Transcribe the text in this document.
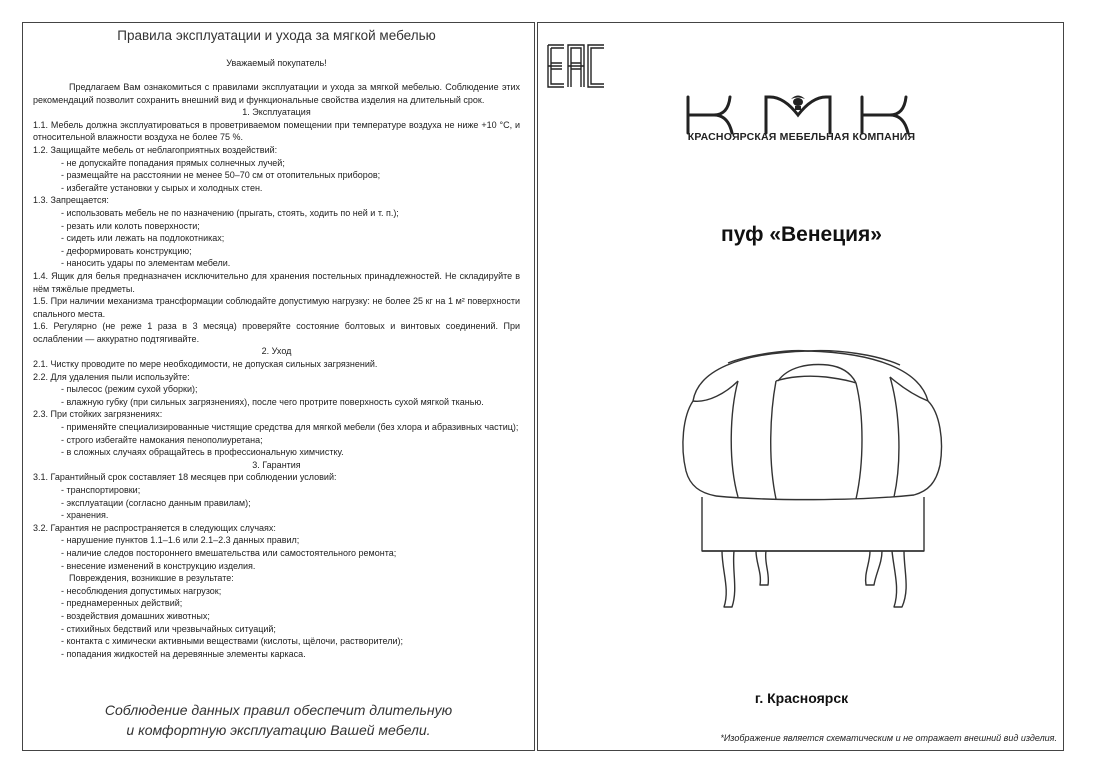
Правила эксплуатации и ухода за мягкой мебелью
Уважаемый покупатель!

Предлагаем Вам ознакомиться с правилами эксплуатации и ухода за мягкой мебелью. Соблюдение этих рекомендаций позволит сохранить внешний вид и функциональные свойства изделия на длительный срок.

1. Эксплуатация

1.1. Мебель должна эксплуатироваться в проветриваемом помещении при температуре воздуха не ниже +10 °C, и относительной влажности воздуха не более 75 %.

1.2. Защищайте мебель от неблагоприятных воздействий:

- не допускайте попадания прямых солнечных лучей;

- размещайте на расстоянии не менее 50–70 см от отопительных приборов;

- избегайте установки у сырых и холодных стен.

1.3. Запрещается:

- использовать мебель не по назначению (прыгать, стоять, ходить по ней и т. п.);

- резать или колоть поверхности;

- сидеть или лежать на подлокотниках;

- деформировать конструкцию;

- наносить удары по элементам мебели.

1.4. Ящик для белья предназначен исключительно для хранения постельных принадлежностей. Не складируйте в нём тяжёлые предметы.

1.5. При наличии механизма трансформации соблюдайте допустимую нагрузку: не более 25 кг на 1 м² поверхности спального места.

1.6. Регулярно (не реже 1 раза в 3 месяца) проверяйте состояние болтовых и винтовых соединений. При ослаблении — аккуратно подтягивайте.

2. Уход

2.1. Чистку проводите по мере необходимости, не допуская сильных загрязнений.

2.2. Для удаления пыли используйте:

- пылесос (режим сухой уборки);

- влажную губку (при сильных загрязнениях), после чего протрите поверхность сухой мягкой тканью.

2.3. При стойких загрязнениях:

- применяйте специализированные чистящие средства для мягкой мебели (без хлора и абразивных частиц);

- строго избегайте намокания пенополиуретана;

- в сложных случаях обращайтесь в профессиональную химчистку.

3. Гарантия

3.1. Гарантийный срок составляет 18 месяцев при соблюдении условий:

- транспортировки;

- эксплуатации (согласно данным правилам);

- хранения.

3.2. Гарантия не распространяется в следующих случаях:

- нарушение пунктов 1.1–1.6 или 2.1–2.3 данных правил;

- наличие следов постороннего вмешательства или самостоятельного ремонта;

- внесение изменений в конструкцию изделия.

Повреждения, возникшие в результате:

- несоблюдения допустимых нагрузок;

- преднамеренных действий;

- воздействия домашних животных;

- стихийных бедствий или чрезвычайных ситуаций;

- контакта с химически активными веществами (кислоты, щёлочи, растворители);

- попадания жидкостей на деревянные элементы каркаса.

Соблюдение данных правил обеспечит длительную
и комфортную эксплуатацию Вашей мебели.
КРАСНОЯРСКАЯ МЕБЕЛЬНАЯ КОМПАНИЯ
пуф «Венеция»
г. Красноярск
*Изображение является схематическим и не отражает внешний вид изделия.
